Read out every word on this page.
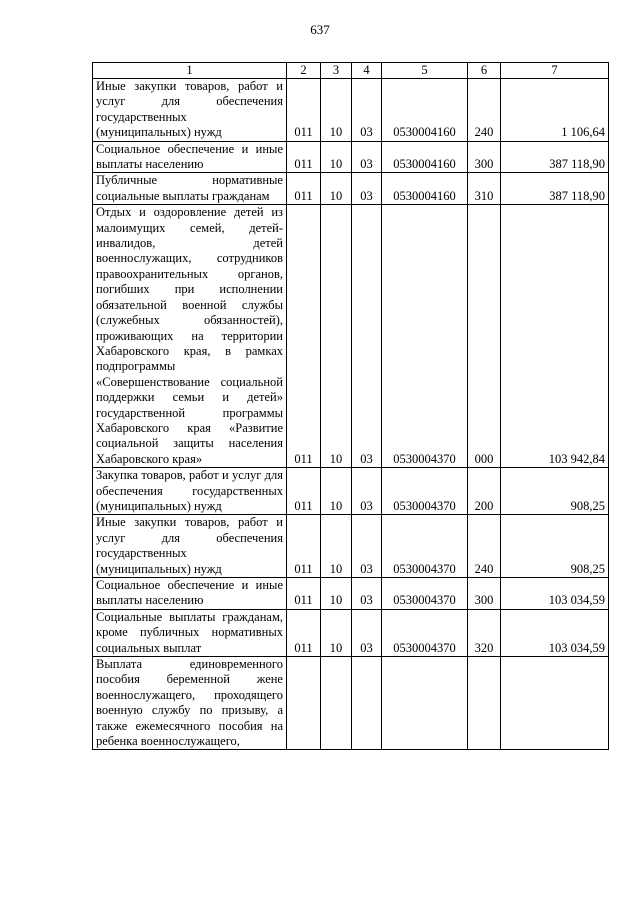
637
1	2	3	4	5	6	7
Иные закупки товаров, работ и услуг для обеспечения государственных (муниципальных) нужд	011	10	03	0530004160	240	1 106,64
Социальное обеспечение и иные выплаты населению	011	10	03	0530004160	300	387 118,90
Публичные нормативные социальные выплаты гражданам	011	10	03	0530004160	310	387 118,90
Отдых и оздоровление детей из малоимущих семей, детей-инвалидов, детей военнослужащих, сотрудников правоохранительных органов, погибших при исполнении обязательной военной службы (служебных обязанностей), проживающих на территории Хабаровского края, в рамках подпрограммы «Совершенствование социальной поддержки семьи и детей» государственной программы Хабаровского края «Развитие социальной защиты населения Хабаровского края»	011	10	03	0530004370	000	103 942,84
Закупка товаров, работ и услуг для обеспечения государственных (муниципальных) нужд	011	10	03	0530004370	200	908,25
Иные закупки товаров, работ и услуг для обеспечения государственных (муниципальных) нужд	011	10	03	0530004370	240	908,25
Социальное обеспечение и иные выплаты населению	011	10	03	0530004370	300	103 034,59
Социальные выплаты гражданам, кроме публичных нормативных социальных выплат	011	10	03	0530004370	320	103 034,59
Выплата единовременного пособия беременной жене военнослужащего, проходящего военную службу по призыву, а также ежемесячного пособия на ребенка военнослужащего,						
